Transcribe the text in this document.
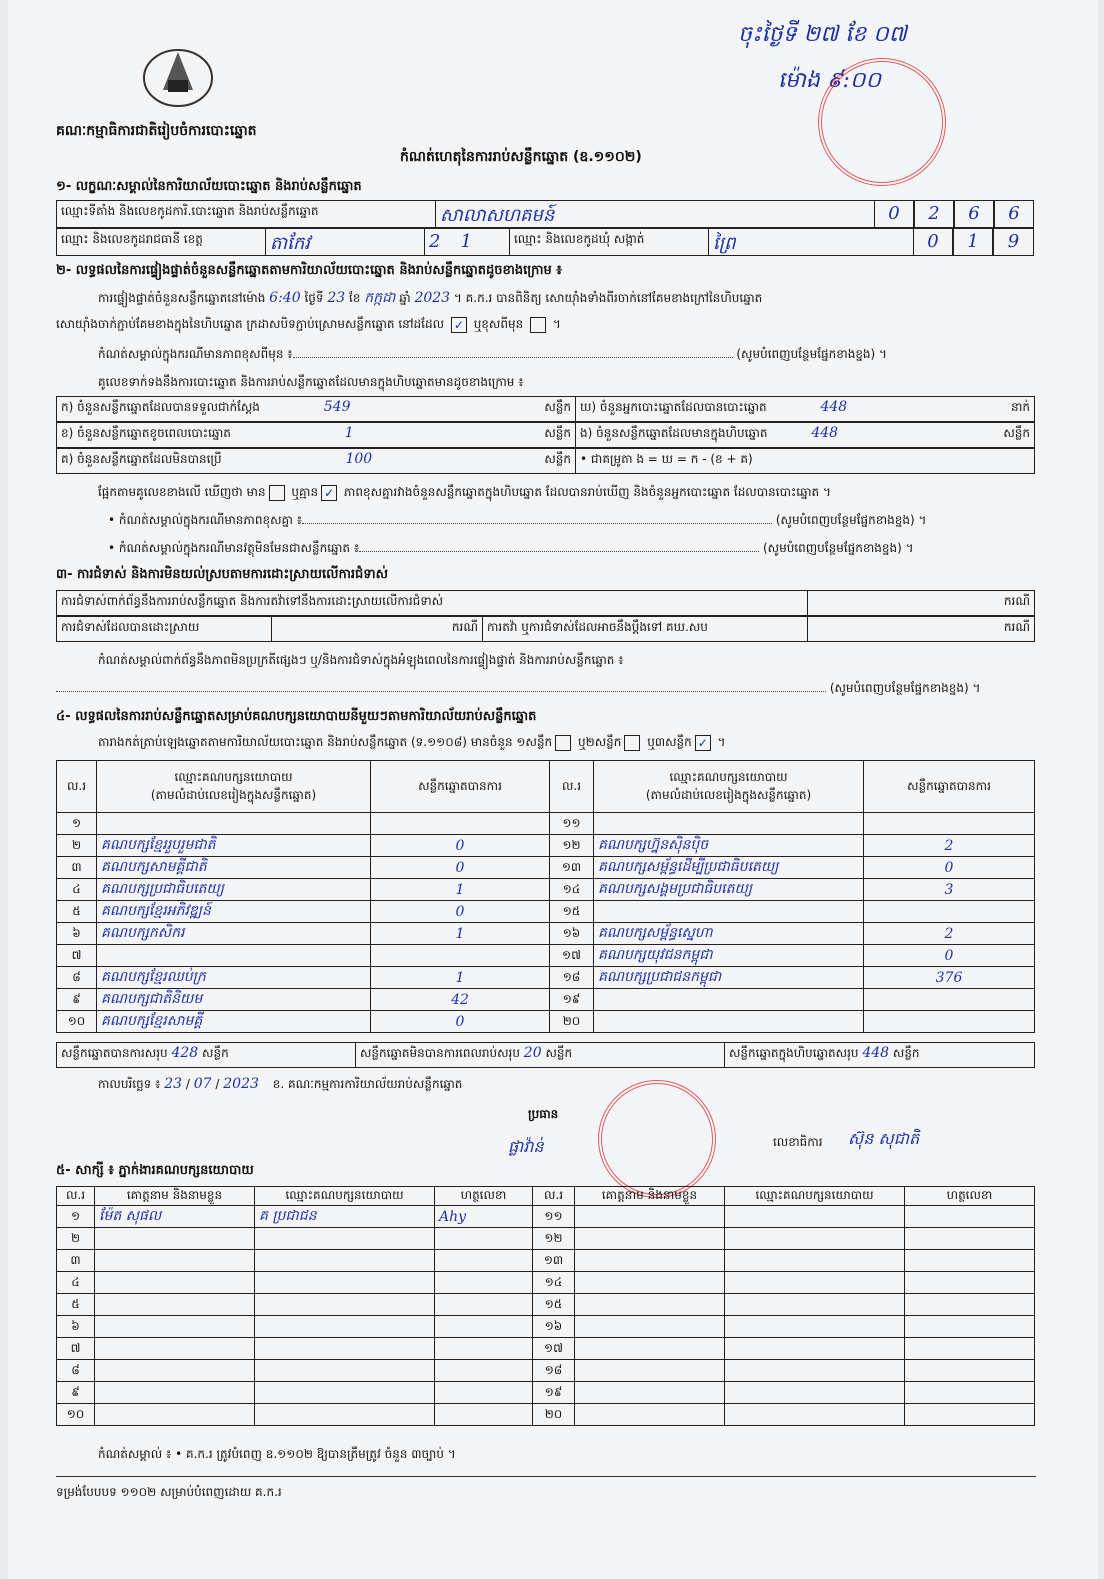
គណៈកម្មាធិការជាតិរៀបចំការបោះឆ្នោត
កំណត់ហេតុនៃការរាប់សន្លឹកឆ្នោត (ឧ.១១០២)
ចុះថ្ងៃទី ២៧ ខែ ០៧
ម៉ោង ៩:០០
១- លក្ខណៈសម្គាល់នៃការិយាល័យបោះឆ្នោត និងរាប់សន្លឹកឆ្នោត
ឈ្មោះទីតាំង និងលេខកូដការិ.បោះឆ្នោត និងរាប់សន្លឹកឆ្នោត	សាលាសហគមន៍	0	2	6	6
ឈ្មោះ និងលេខកូដរាជធានី ខេត្ត	តាកែវ	21	ឈ្មោះ និងលេខកូដឃុំ សង្កាត់	ព្រៃ	0	1	9
២- លទ្ធផលនៃការផ្ទៀងផ្ទាត់ចំនួនសន្លឹកឆ្នោតតាមការិយាល័យបោះឆ្នោត និងរាប់សន្លឹកឆ្នោតដូចខាងក្រោម ៖
ការផ្ទៀងផ្ទាត់ចំនួនសន្លឹកឆ្នោតនៅម៉ោង 6:40 ថ្ងៃទី 23 ខែ កក្កដា ឆ្នាំ 2023 ។ គ.ក.រ បានពិនិត្យ សោយ៉ាំងទាំងពីរចាក់នៅគែមខាងក្រៅនៃហិបឆ្នោត
សោយ៉ាំងចាក់ភ្ជាប់គែមខាងក្នុងនៃហិបឆ្នោត ក្រដាសបិទភ្ជាប់ស្រោមសន្លឹកឆ្នោត នៅដដែល ✓ ឬខុសពីមុន  ។
កំណត់សម្គាល់ក្នុងករណីមានភាពខុសពីមុន ៖	(សូមបំពេញបន្ថែមផ្នែកខាងខ្នង) ។
គូលេខទាក់ទងនឹងការបោះឆ្នោត និងការរាប់សន្លឹកឆ្នោតដែលមានក្នុងហិបឆ្នោតមានដូចខាងក្រោម ៖
ក) ចំនួនសន្លឹកឆ្នោតដែលបានទទួលជាក់ស្តែង	549	សន្លឹក
ខ) ចំនួនសន្លឹកឆ្នោតខូចពេលបោះឆ្នោត	1	សន្លឹក
គ) ចំនួនសន្លឹកឆ្នោតដែលមិនបានប្រើ	100	សន្លឹក
ឃ) ចំនួនអ្នកបោះឆ្នោតដែលបានបោះឆ្នោត	448	នាក់
ង) ចំនួនសន្លឹកឆ្នោតដែលមានក្នុងហិបឆ្នោត	448	សន្លឹក
• ជាគម្រូតា ង = ឃ = ក - (ខ + គ)
ផ្អែកតាមគូលេខខាងលើ ឃើញថា មាន ឬគ្មាន ✓ ភាពខុសគ្នារវាងចំនួនសន្លឹកឆ្នោតក្នុងហិបឆ្នោត ដែលបានរាប់ឃើញ និងចំនួនអ្នកបោះឆ្នោត ដែលបានបោះឆ្នោត ។
• កំណត់សម្គាល់ក្នុងករណីមានភាពខុសគ្នា ៖	(សូមបំពេញបន្ថែមផ្នែកខាងខ្នង) ។
• កំណត់សម្គាល់ក្នុងករណីមានវត្ថុមិនមែនជាសន្លឹកឆ្នោត ៖	(សូមបំពេញបន្ថែមផ្នែកខាងខ្នង) ។
៣- ការជំទាស់ និងការមិនយល់ស្របតាមការដោះស្រាយលើការជំទាស់
ការជំទាស់ពាក់ព័ន្ធនឹងការរាប់សន្លឹកឆ្នោត និងការតវ៉ាទៅនឹងការដោះស្រាយលើការជំទាស់	ករណី
ការជំទាស់ដែលបានដោះស្រាយ	ករណី ការតវ៉ា ឬការជំទាស់ដែលអាចនឹងប្តឹងទៅ គឃ.សប	ករណី
កំណត់សម្គាល់ពាក់ព័ន្ធនឹងភាពមិនប្រក្រតីផ្សេងៗ ឬ/និងការជំទាស់ក្នុងអំឡុងពេលនៃការផ្ទៀងផ្ទាត់ និងការរាប់សន្លឹកឆ្នោត ៖
(សូមបំពេញបន្ថែមផ្នែកខាងខ្នង) ។
៤- លទ្ធផលនៃការរាប់សន្លឹកឆ្នោតសម្រាប់គណបក្សនយោបាយនីមួយៗតាមការិយាល័យរាប់សន្លឹកឆ្នោត
តារាងកត់ត្រាប់ឡេងឆ្នោតតាមការិយាល័យបោះឆ្នោត និងរាប់សន្លឹកឆ្នោត (ទ.១១០៨) មានចំនួន ១សន្លឹក ឬ២សន្លឹក ឬ៣សន្លឹក ✓ ។
ល.រ	ឈ្មោះគណបក្សនយោបាយ
(តាមលំដាប់លេខរៀងក្នុងសន្លឹកឆ្នោត)	សន្លឹកឆ្នោតបានការ
១		
២	គណបក្សខ្មែររួបរួមជាតិ	0
៣	គណបក្សសាមគ្គីជាតិ	0
៤	គណបក្សប្រជាធិបតេយ្យ	1
៥	គណបក្សខ្មែរអភិវឌ្ឍន៍	0
៦	គណបក្សកសិករ	1
៧		
៨	គណបក្សខ្មែរឈប់ក្រ	1
៩	គណបក្សជាតិនិយម	42
១០	គណបក្សខ្មែរសាមគ្គី	0
ល.រ	ឈ្មោះគណបក្សនយោបាយ
(តាមលំដាប់លេខរៀងក្នុងសន្លឹកឆ្នោត)	សន្លឹកឆ្នោតបានការ
១១		
១២	គណបក្សហ្វ៊ុនស៊ិនប៉ិច	2
១៣	គណបក្សសម្ព័ន្ធដើម្បីប្រជាធិបតេយ្យ	0
១៤	គណបក្សសង្គមប្រជាធិបតេយ្យ	3
១៥		
១៦	គណបក្សសម្ព័ន្ធស្នេហា	2
១៧	គណបក្សយុវជនកម្ពុជា	0
១៨	គណបក្សប្រជាជនកម្ពុជា	376
១៩		
២០		
សន្លឹកឆ្នោតបានការសរុប 428 សន្លឹក	សន្លឹកឆ្នោតមិនបានការពេលរាប់សរុប 20 សន្លឹក	សន្លឹកឆ្នោតក្នុងហិបឆ្នោតសរុប 448 សន្លឹក
កាលបរិច្ឆេទ ៖ 23 / 07 / 2023 ខ. គណៈកម្មការការិយាល័យរាប់សន្លឹកឆ្នោត
ប្រធាន
ផ្លាវ៉ាន់	លេខាធិការ ស៊ុន សុជាតិ
៥- សាក្សី ៖ ភ្នាក់ងារគណបក្សនយោបាយ
ល.រ	គោត្តនាម និងនាមខ្លួន	ឈ្មោះគណបក្សនយោបាយ	ហត្ថលេខា	ល.រ	គោត្តនាម និងនាមខ្លួន	ឈ្មោះគណបក្សនយោបាយ	ហត្ថលេខា
១	ម៉ែត សុផល	គ ប្រជាជន	Ahy	១១			
២				១២			
៣				១៣			
៤				១៤			
៥				១៥			
៦				១៦			
៧				១៧			
៨				១៨			
៩				១៩			
១០				២០			
កំណត់សម្គាល់ ៖ • គ.ក.រ ត្រូវបំពេញ ឧ.១១០២ ឱ្យបានត្រឹមត្រូវ ចំនួន ៣ច្បាប់ ។
ទម្រង់បែបបទ ១១០២ សម្រាប់បំពេញដោយ គ.ក.រ
